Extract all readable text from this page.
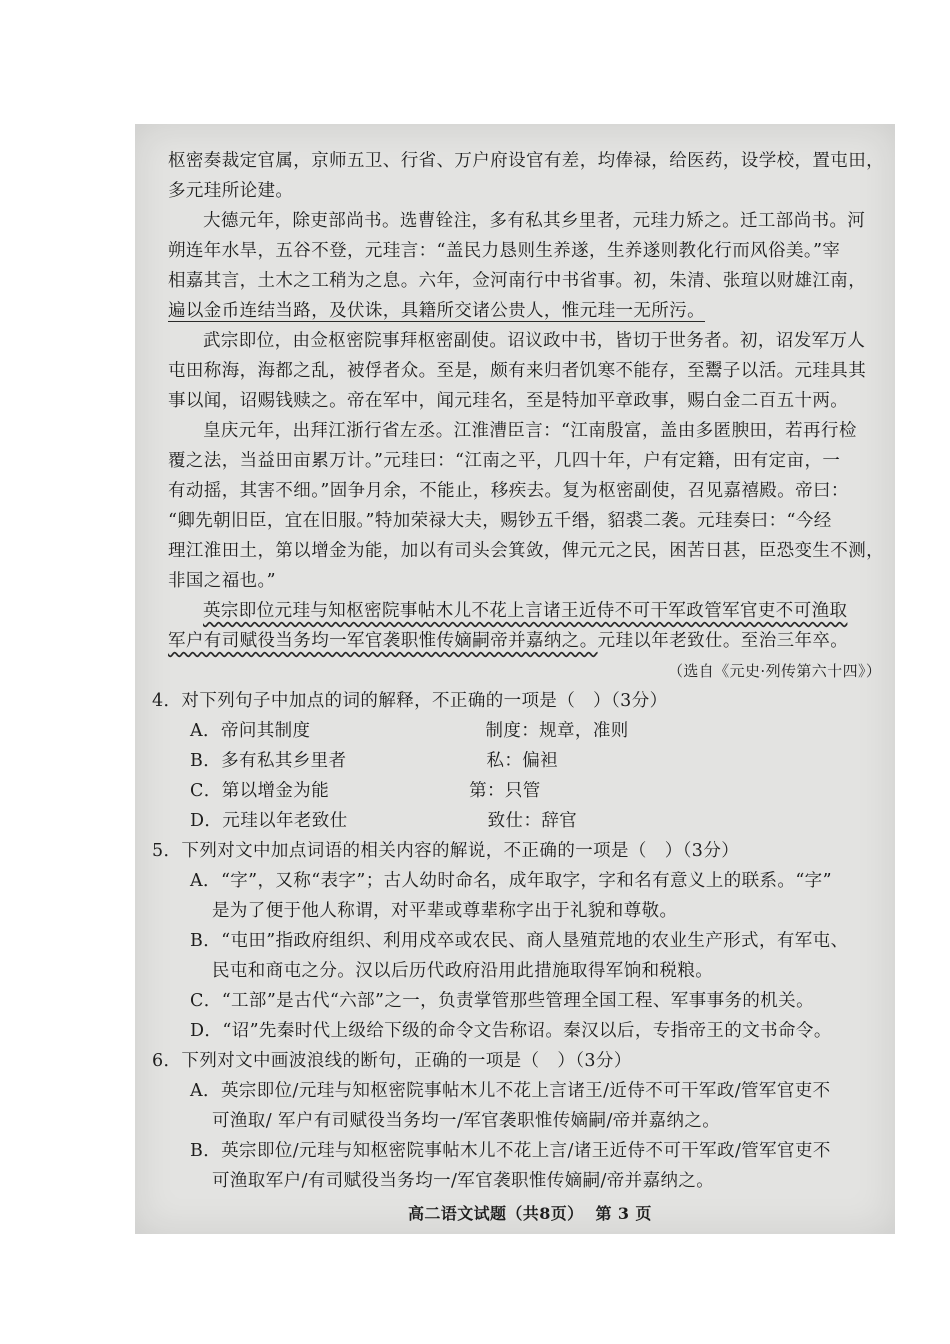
枢密奏裁定官属，京师五卫、行省、万户府设官有差，均俸禄，给医药，设学校，置屯田，
多元珪所论建。
大德元年，除吏部尚书。选曹铨注，多有私其乡里者，元珪力矫之。迁工部尚书。河
朔连年水旱，五谷不登，元珪言：“盖民力恳则生养遂，生养遂则教化行而风俗美。”宰
相嘉其言，土木之工稍为之息。六年，佥河南行中书省事。初，朱清、张瑄以财雄江南，
遍以金币连结当路，及伏诛，具籍所交诸公贵人，惟元珪一无所污。
武宗即位，由佥枢密院事拜枢密副使。诏议政中书，皆切于世务者。初，诏发军万人
屯田称海，海都之乱，被俘者众。至是，颇有来归者饥寒不能存，至鬻子以活。元珪具其
事以闻，诏赐钱赎之。帝在军中，闻元珪名，至是特加平章政事，赐白金二百五十两。
皇庆元年，出拜江浙行省左丞。江淮漕臣言：“江南殷富，盖由多匿腴田，若再行检
覆之法，当益田亩累万计。”元珪曰：“江南之平，几四十年，户有定籍，田有定亩，一
有动摇，其害不细。”固争月余，不能止，移疾去。复为枢密副使，召见嘉禧殿。帝曰：
“卿先朝旧臣，宜在旧服。”特加荣禄大夫，赐钞五千缗，貂裘二袭。元珪奏曰：“今经
理江淮田土，第以增金为能，加以有司头会箕敛，俾元元之民，困苦日甚，臣恐变生不测，
非国之福也。”
英宗即位元珪与知枢密院事帖木儿不花上言诸王近侍不可干军政管军官吏不可渔取
军户有司赋役当务均一军官袭职惟传嫡嗣帝并嘉纳之。元珪以年老致仕。至治三年卒。
（选自《元史·列传第六十四》）
4．对下列句子中加点的词的解释，不正确的一项是（　）（3分）
A．帝问其制度	制度：规章，准则
B．多有私其乡里者	私：偏袒
C．第以增金为能	第：只管
D．元珪以年老致仕	致仕：辞官
5．下列对文中加点词语的相关内容的解说，不正确的一项是（　）（3分）
A．“字”，又称“表字”；古人幼时命名，成年取字，字和名有意义上的联系。“字”
是为了便于他人称谓，对平辈或尊辈称字出于礼貌和尊敬。
B．“屯田”指政府组织、利用戍卒或农民、商人垦殖荒地的农业生产形式，有军屯、
民屯和商屯之分。汉以后历代政府沿用此措施取得军饷和税粮。
C．“工部”是古代“六部”之一，负责掌管那些管理全国工程、军事事务的机关。
D．“诏”先秦时代上级给下级的命令文告称诏。秦汉以后，专指帝王的文书命令。
6．下列对文中画波浪线的断句，正确的一项是（　）（3分）
A．英宗即位/元珪与知枢密院事帖木儿不花上言诸王/近侍不可干军政/管军官吏不
可渔取/ 军户有司赋役当务均一/军官袭职惟传嫡嗣/帝并嘉纳之。
B．英宗即位/元珪与知枢密院事帖木儿不花上言/诸王近侍不可干军政/管军官吏不
可渔取军户/有司赋役当务均一/军官袭职惟传嫡嗣/帝并嘉纳之。
高二语文试题（共8页） 第 3 页
